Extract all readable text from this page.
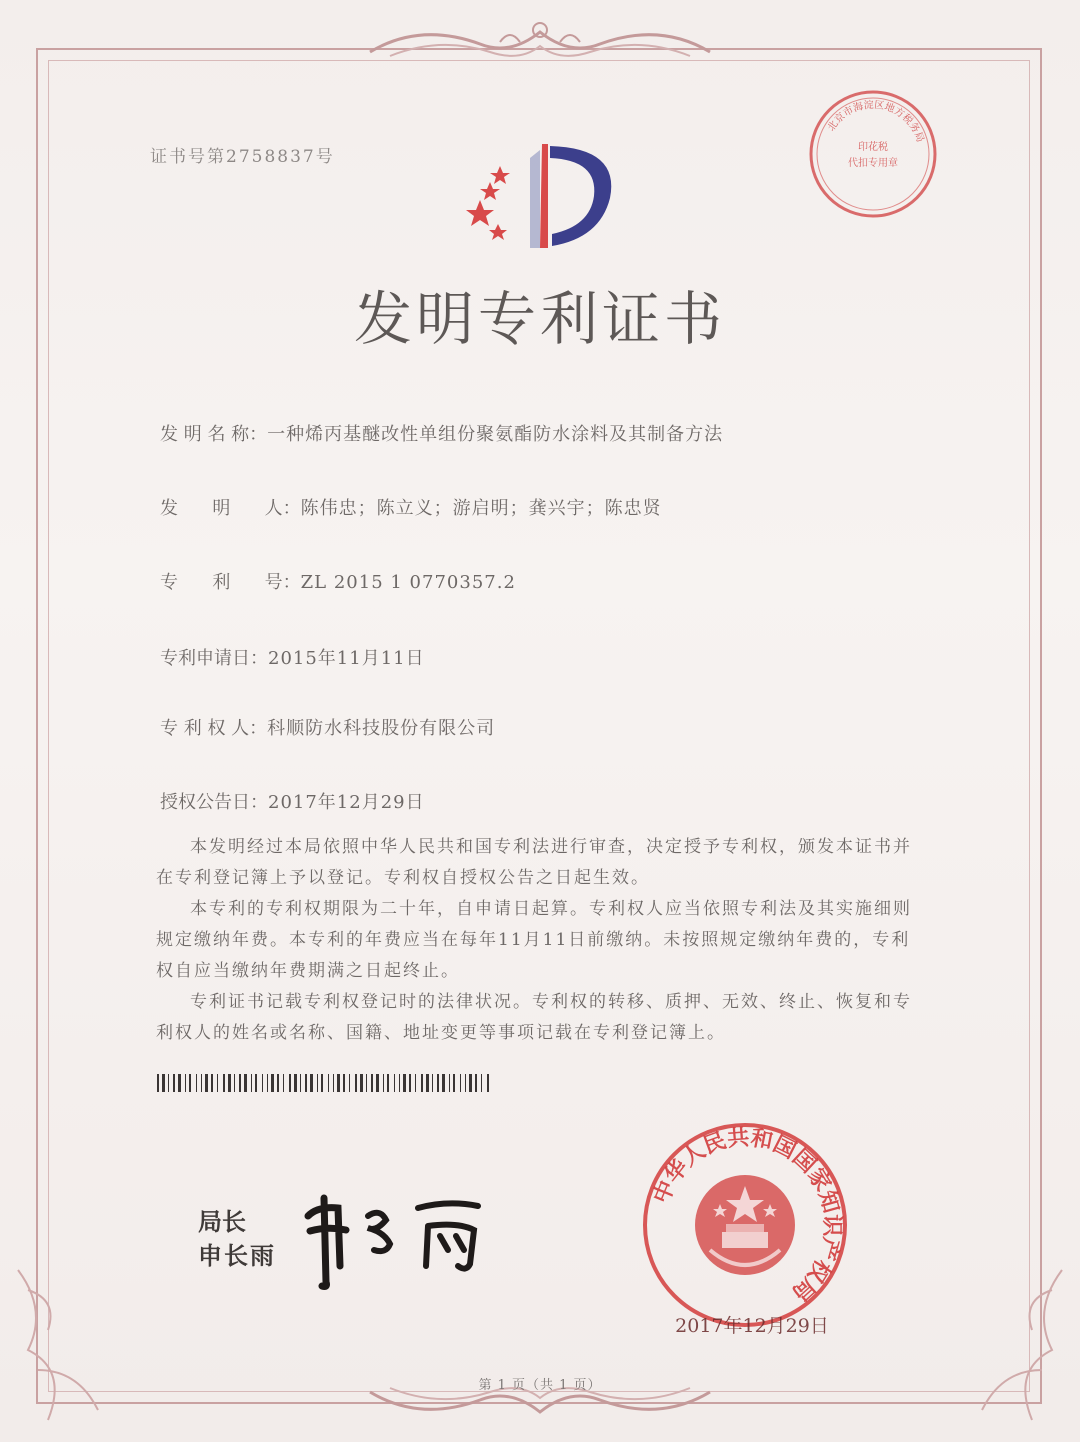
北京市海淀区地方税务局
印花税
代扣专用章
证书号第2758837号
发明专利证书
发 明 名 称：一种烯丙基醚改性单组份聚氨酯防水涂料及其制备方法
发      明      人：陈伟忠；陈立义；游启明；龚兴宇；陈忠贤
专      利      号：ZL 2015 1 0770357.2
专利申请日：2015年11月11日
专 利 权 人：科顺防水科技股份有限公司
授权公告日：2017年12月29日

本发明经过本局依照中华人民共和国专利法进行审查，决定授予专利权，颁发本证书并在专利登记簿上予以登记。专利权自授权公告之日起生效。

本专利的专利权期限为二十年，自申请日起算。专利权人应当依照专利法及其实施细则规定缴纳年费。本专利的年费应当在每年11月11日前缴纳。未按照规定缴纳年费的，专利权自应当缴纳年费期满之日起终止。

专利证书记载专利权登记时的法律状况。专利权的转移、质押、无效、终止、恢复和专利权人的姓名或名称、国籍、地址变更等事项记载在专利登记簿上。

局长
申长雨
中华人民共和国国家知识产权局
2017年12月29日
第 1 页（共 1 页）
